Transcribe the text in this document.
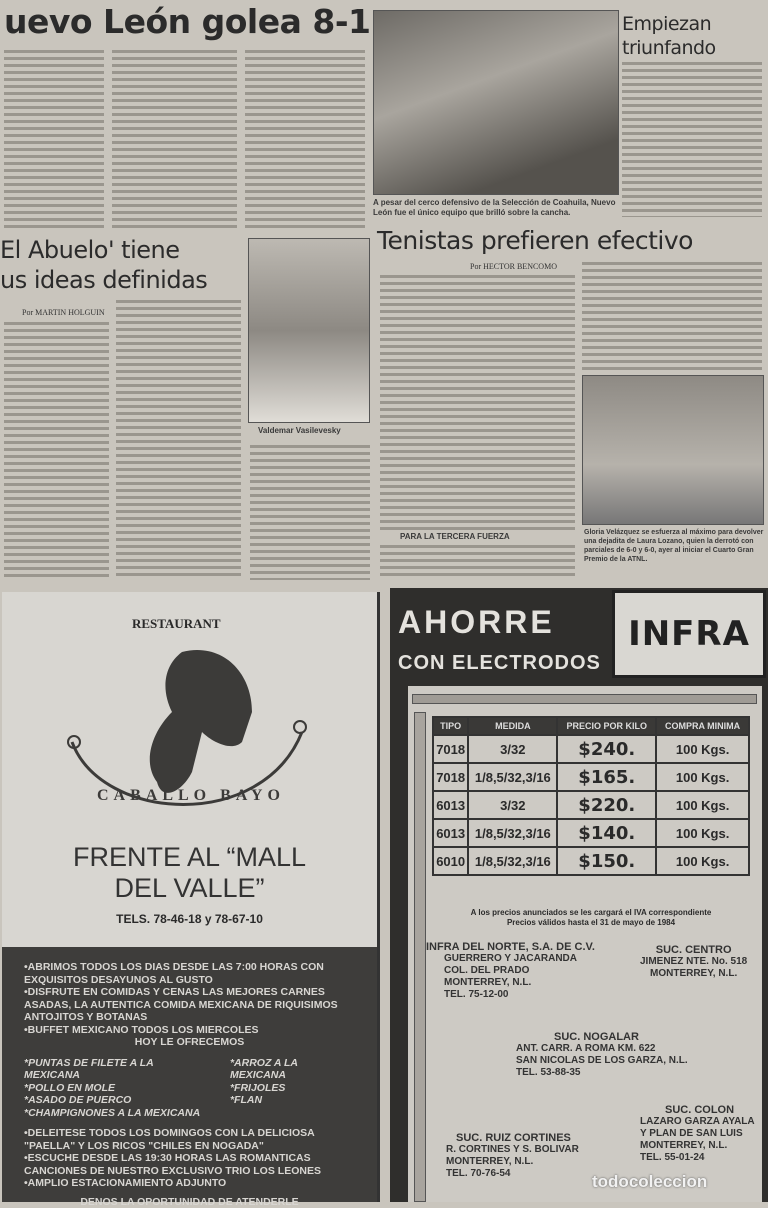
uevo León golea 8-1
A pesar del cerco defensivo de la Selección de Coahuila, Nuevo León fue el único equipo que brilló sobre la cancha.
Empiezan
triunfando
El Abuelo' tiene
us ideas definidas
Por MARTIN HOLGUIN
Valdemar Vasilevesky
Tenistas prefieren efectivo
Por HECTOR BENCOMO
PARA LA TERCERA FUERZA	Gloria Velázquez se esfuerza al máximo para devolver una dejadita de Laura Lozano, quien la derrotó con parciales de 6-0 y 6-0, ayer al iniciar el Cuarto Gran Premio de la ATNL.
RESTAURANT
CABALLO BAYO
FRENTE AL “MALL
DEL VALLE”
TELS. 78-46-18 y 78-67-10
•ABRIMOS TODOS LOS DIAS DESDE LAS 7:00 HORAS CON EXQUISITOS DESAYUNOS AL GUSTO
•DISFRUTE EN COMIDAS Y CENAS LAS MEJORES CARNES ASADAS, LA AUTENTICA COMIDA MEXICANA DE RIQUISIMOS ANTOJITOS Y BOTANAS
•BUFFET MEXICANO TODOS LOS MIERCOLES
HOY LE OFRECEMOS
*PUNTAS DE FILETE A LA MEXICANA
*POLLO EN MOLE
*ASADO DE PUERCO
*CHAMPIGNONES A LA MEXICANA
*ARROZ A LA MEXICANA
*FRIJOLES
*FLAN
•DELEITESE TODOS LOS DOMINGOS CON LA DELICIOSA "PAELLA" Y LOS RICOS "CHILES EN NOGADA"
•ESCUCHE DESDE LAS 19:30 HORAS LAS ROMANTICAS CANCIONES DE NUESTRO EXCLUSIVO TRIO LOS LEONES
•AMPLIO ESTACIONAMIENTO ADJUNTO
DENOS LA OPORTUNIDAD DE ATENDERLE
AHORRE
CON ELECTRODOS
INFRA
TIPO	MEDIDA	PRECIO POR KILO	COMPRA MINIMA
7018	3/32	$240.	100 Kgs.
7018	1/8,5/32,3/16	$165.	100 Kgs.
6013	3/32	$220.	100 Kgs.
6013	1/8,5/32,3/16	$140.	100 Kgs.
6010	1/8,5/32,3/16	$150.	100 Kgs.
A los precios anunciados se les cargará el IVA correspondiente
Precios válidos hasta el 31 de mayo de 1984
INFRA DEL NORTE, S.A. DE C.V.
GUERRERO Y JACARANDA
COL. DEL PRADO
MONTERREY, N.L.
TEL. 75-12-00
SUC. CENTRO
JIMENEZ NTE. No. 518
MONTERREY, N.L.
SUC. NOGALAR
ANT. CARR. A ROMA KM. 622
SAN NICOLAS DE LOS GARZA, N.L.
TEL. 53-88-35
SUC. RUIZ CORTINES
R. CORTINES Y S. BOLIVAR
MONTERREY, N.L.
TEL. 70-76-54
SUC. COLON
LAZARO GARZA AYALA
Y PLAN DE SAN LUIS
MONTERREY, N.L.
TEL. 55-01-24
todocoleccion
